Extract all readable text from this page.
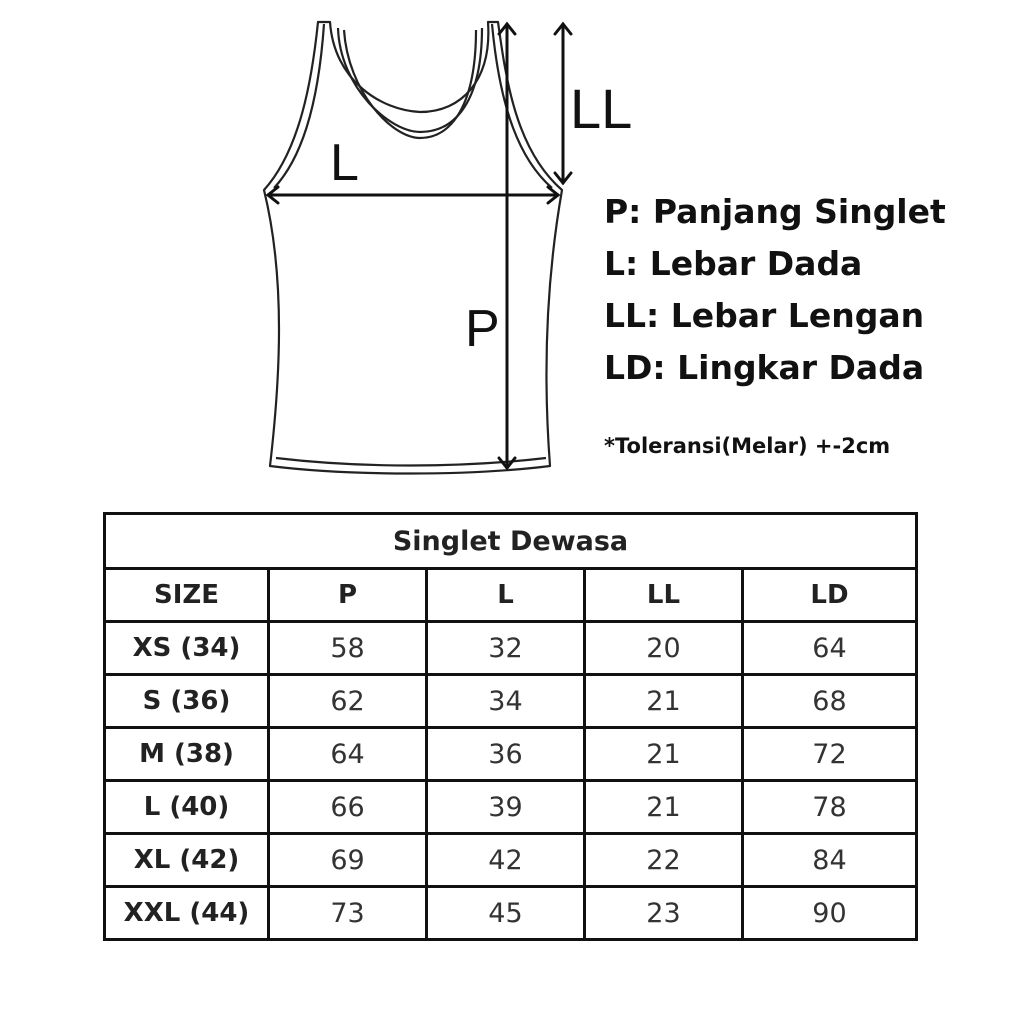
L
P
LL
P: Panjang Singlet
L: Lebar Dada
LL: Lebar Lengan
LD: Lingkar Dada
*Toleransi(Melar) +-2cm
Singlet Dewasa				
SIZE	P	L	LL	LD
XS (34)	58	32	20	64
S (36)	62	34	21	68
M (38)	64	36	21	72
L (40)	66	39	21	78
XL (42)	69	42	22	84
XXL (44)	73	45	23	90
